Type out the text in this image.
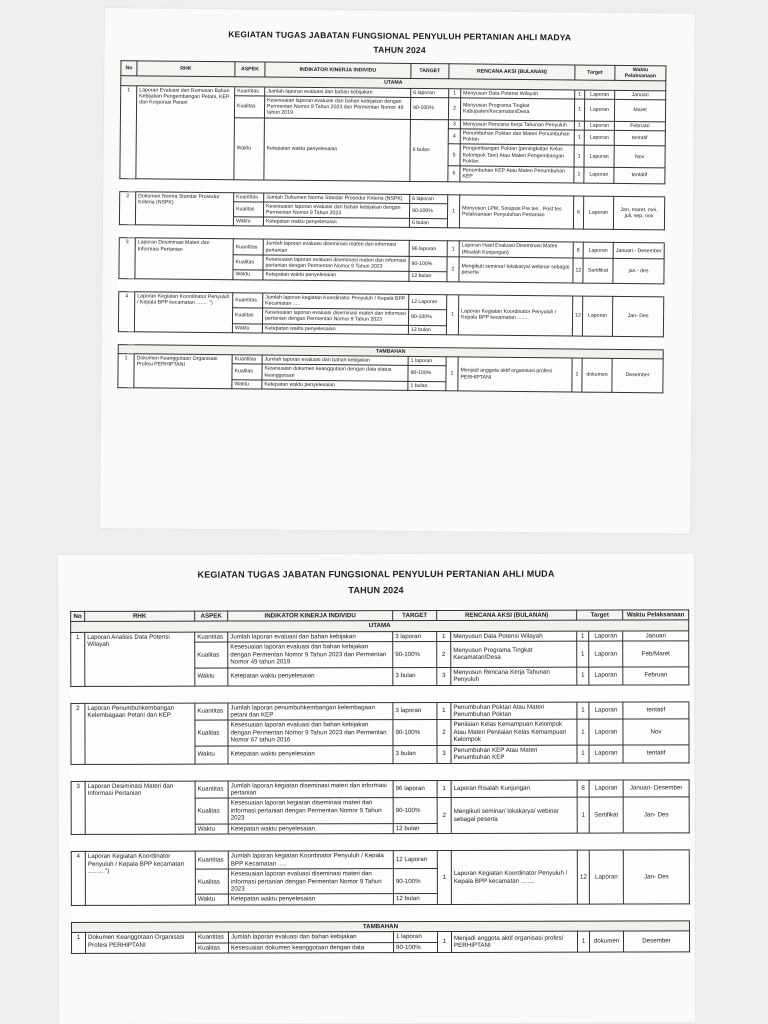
KEGIATAN TUGAS JABATAN FUNGSIONAL PENYULUH PERTANIAN AHLI MADYA
TAHUN 2024
No	RHK	ASPEK	INDIKATOR KINERJA INDIVIDU	TARGET	RENCANA AKSI (BULANAN)		Target		Waktu Pelaksanaan
UTAMA									
1	Laporan Evaluasi dan Rumusan Bahan Kebijakan Pengembangan Petani, KEP dan Korporasi Petani	Kuantitas	Jumlah laporan evaluasi dan bahan kebijakan	6 laporan	1	Menyusun Data Potensi Wilayah	1	Laporan	Januari
		Kualitas	Kesesuaian laporan evaluasi dan bahan kebijakan dengan Permentan Nomor 9 Tahun 2023 dan Permentan Nomor 49 tahun 2019	90-100%	2	Menyusun Programa Tingkat Kabupaten/Kecamatan/Desa	1	Laporan	Maret
		Waktu	Ketepatan waktu penyelesaian	6 bulan	3	Menyusun Rencana Kerja Tahunan Penyuluh	1	Laporan	Februari
					4	Penumbuhan Poktan dan Materi Penumbuhan Poktan	1	Laporan	tentatif
					5	Pengembangan Poktan (peningkatan Kelas Kelompok Tani) Atau Materi Pengembangan Poktan	1	Laporan	Nov
					6	Penumbuhan KEP Atau Materi Penumbuhan KEP	1	Laporan	tentatif

2	Dokumen Norma Standar Prosedur Kriteria (NSPK)	Kuantitas	Jumlah Dokumen Norma Standar Prosedur Kriteria (NSPK)	6 laporan	1	Menyusun LPM, Sinopsis Pre tes , Post tes Pelaksanaan Penyuluhan Pertanian	6	Laporan	Jan, maret, mei, juli, sep, nov
		Kualitas	Kesesuaian laporan evaluasi dan bahan kebijakan dengan Permentan Nomor 9 Tahun 2023	90-100%					
		Waktu	Ketepatan waktu penyelesaian	6 bulan					

3	Laporan Desiminasi Materi dan Informasi Pertanian	Kuantitas	Jumlah laporan evaluasi diseminasi materi dan informasi pertanian	96 laporan	1	Laporan Hasil Evaluasi Diseminasi Materi (Risalah Kunjungan)	8	Laporan	Januari - Desember
		Kualitas	Kesesuaian laporan evaluasi diseminasi materi dan informasi pertanian dengan Permentan Nomor 9 Tahun 2023	90-100%	2	Mengikuti seminar/ lokakarya/ webinar sebagai peserta	12	Sertifikat	jan - des
		Waktu	Ketepatan waktu penyelesaian	12 bulan					

4	Laporan Kegiatan Koordinator Penyuluh / Kepala BPP kecamatan ........ ")	Kuantitas	Jumlah laporan kegiatan Koordinator Penyuluh / Kepala BPP Kecamatan .....	12 Laporan	1	Laporan Kegiatan Koordinator Penyuluh / Kepala BPP kecamatan ........	12	Laporan	Jan- Des
		Kualitas	Kesesuaian laporan evaluasi diseminasi materi dan informasi pertanian dengan Permentan Nomor 9 Tahun 2023	90-100%					
		Waktu	Ketepatan waktu penyelesaian	12 bulan					

TAMBAHAN									
1	Dokumen Keanggotaan Organisasi Profesi PERHIPTANI	Kuantitas	Jumlah laporan evaluasi dan bahan kebijakan	1 laporan	1	Menjadi anggota aktif organisasi profesi PERHIPTANI	1	dokumen	Desember
		Kualitas	Kesesuaian dokumen keanggotaan dengan data status keanggotaan	90-100%					
		Waktu	Ketepatan waktu penyelesaian	1 bulan					
KEGIATAN TUGAS JABATAN FUNGSIONAL PENYULUH PERTANIAN AHLI MUDA
TAHUN 2024
No	RHK	ASPEK	INDIKATOR KINERJA INDIVIDU	TARGET	RENCANA AKSI (BULANAN)		Target		Waktu Pelaksanaan
UTAMA									
1	Laporan Analisis Data Potensi Wilayah	Kuantitas	Jumlah laporan evaluasi dan bahan kebijakan	3 laporan	1	Menyusun Data Potensi Wilayah	1	Laporan	Januari
		Kualitas	Kesesuaian laporan evaluasi dan bahan kebijakan dengan Permentan Nomor 9 Tahun 2023 dan Permentan Nomor 49 tahun 2019	90-100%	2	Menyusun Programa Tingkat Kecamatan/Desa	1	Laporan	Feb/Maret
		Waktu	Ketepatan waktu penyelesaian	3 bulan	3	Menyusun Rencana Kerja Tahunan Penyuluh	1	Laporan	Februari

2	Laporan Penumbuhkembangan Kelembagaan Petani dan KEP	Kuantitas	Jumlah laporan penumbuhkembangan kelembagaan petani dan KEP	3 laporan	1	Penumbuhan Poktan Atau Materi Penumbuhan Poktan	1	Laporan	tentatif
		Kualitas	Kesesuaian laporan evaluasi dan bahan kebijakan dengan Permentan Nomor 9 Tahun 2023 dan Permentan Nomor 67 tahun 2016	90-100%	2	Penilaian Kelas Kemampuan Kelompok Atau Materi Penilaian Kelas Kemampuan Kelompok	1	Laporan	Nov
		Waktu	Ketepatan waktu penyelesaian	3 bulan	3	Penumbuhan KEP Atau Materi Penumbuhan KEP	1	Laporan	tentatif

3	Laporan Desiminasi Materi dan Informasi Pertanian	Kuantitas	Jumlah laporan kegiatan diseminasi materi dan informasi pertanian	96 laporan	1	Laporan Risalah Kunjungan	8	Laporan	Januari- Desember
		Kualitas	Kesesuaian laporan kegiatan diseminasi materi dan informasi pertanian dengan Permentan Nomor 9 Tahun 2023	90-100%	2	Mengikuti seminar/ lokakarya/ webinar sebagai peserta	1	Sertifikat	Jan- Des
		Waktu	Ketepatan waktu penyelesaian	12 bulan					

4	Laporan Kegiatan Koordinator Penyuluh / Kepala BPP kecamatan ......... ")	Kuantitas	Jumlah laporan kegiatan Koordinator Penyuluh / Kepala BPP Kecamatan .....	12 Laporan	1	Laporan Kegiatan Koordinator Penyuluh / Kepala BPP kecamatan ........	12	Laporan	Jan- Des
		Kualitas	Kesesuaian laporan evaluasi diseminasi materi dan informasi pertanian dengan Permentan Nomor 9 Tahun 2023	90-100%					
		Waktu	Ketepatan waktu penyelesaian	12 bulan					

TAMBAHAN									
1	Dokumen Keanggotaan Organisasi Profesi PERHIPTANI	Kuantitas	Jumlah laporan evaluasi dan bahan kebijakan	1 laporan	1	Menjadi anggota aktif organisasi profesi PERHIPTANI	1	dokumen	Desember
		Kualitas	Kesesuaian dokumen keanggotaan dengan data	90-100%					
